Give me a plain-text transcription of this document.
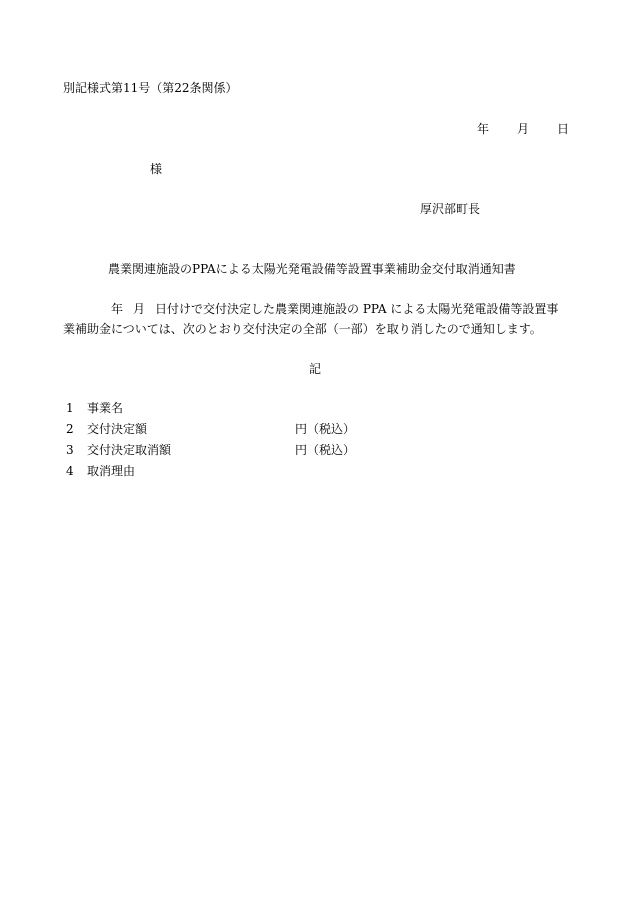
別記様式第11号（第22条関係）
年 月 日
様
厚沢部町長
農業関連施設のPPAによる太陽光発電設備等設置事業補助金交付取消通知書
年 月 日付けで交付決定した農業関連施設の PPA による太陽光発電設備等設置事
業補助金については、次のとおり交付決定の全部（一部）を取り消したので通知します。
記
1 事業名
2 交付決定額	円（税込）
3 交付決定取消額	円（税込）
4 取消理由
